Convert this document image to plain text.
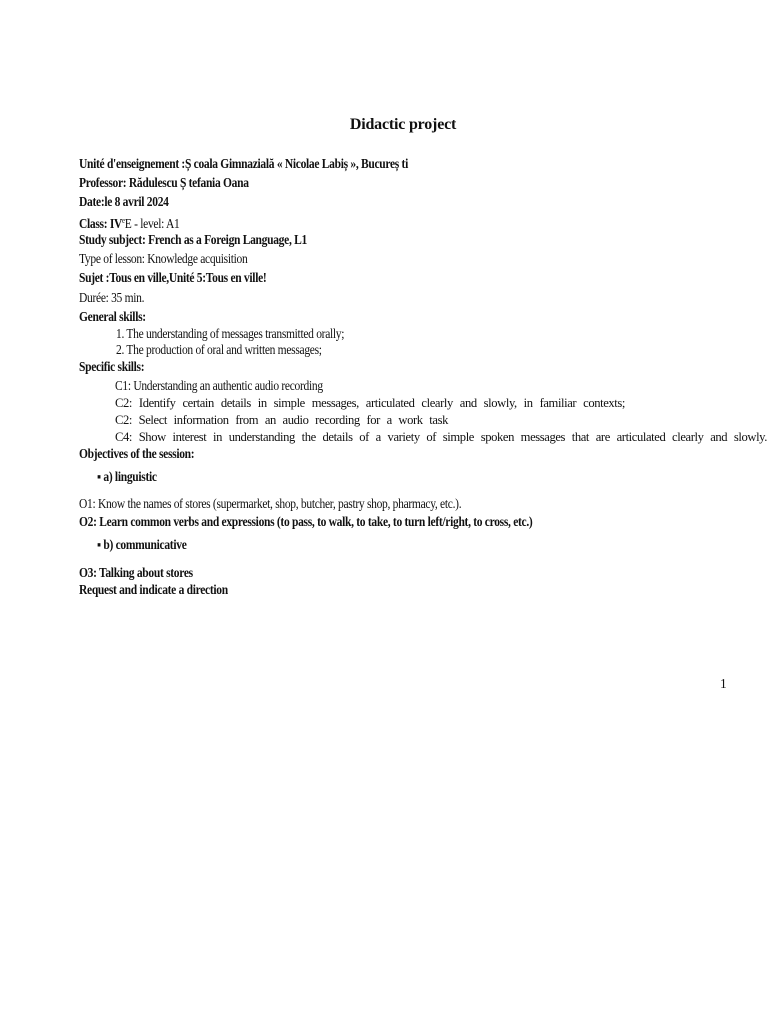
Didactic project
Unité d'enseignement :Ș coala Gimnazială « Nicolae Labiș », Bucureș ti
Professor: Rădulescu Ș tefania Oana
Date:le 8 avril 2024
Class: IVeE - level: A1
Study subject: French as a Foreign Language, L1
Type of lesson: Knowledge acquisition
Sujet :Tous en ville,Unité 5:Tous en ville!
Durée: 35 min.
General skills:
1. The understanding of messages transmitted orally;
2. The production of oral and written messages;
Specific skills:
C1: Understanding an authentic audio recording
C2: Identify certain details in simple messages, articulated clearly and slowly, in familiar contexts;
C2: Select information from an audio recording for a work task
C4: Show interest in understanding the details of a variety of simple spoken messages that are articulated clearly and slowly.
Objectives of the session:
▪ a) linguistic
O1: Know the names of stores (supermarket, shop, butcher, pastry shop, pharmacy, etc.).
O2: Learn common verbs and expressions (to pass, to walk, to take, to turn left/right, to cross, etc.)
▪ b) communicative
O3: Talking about stores
Request and indicate a direction
1
